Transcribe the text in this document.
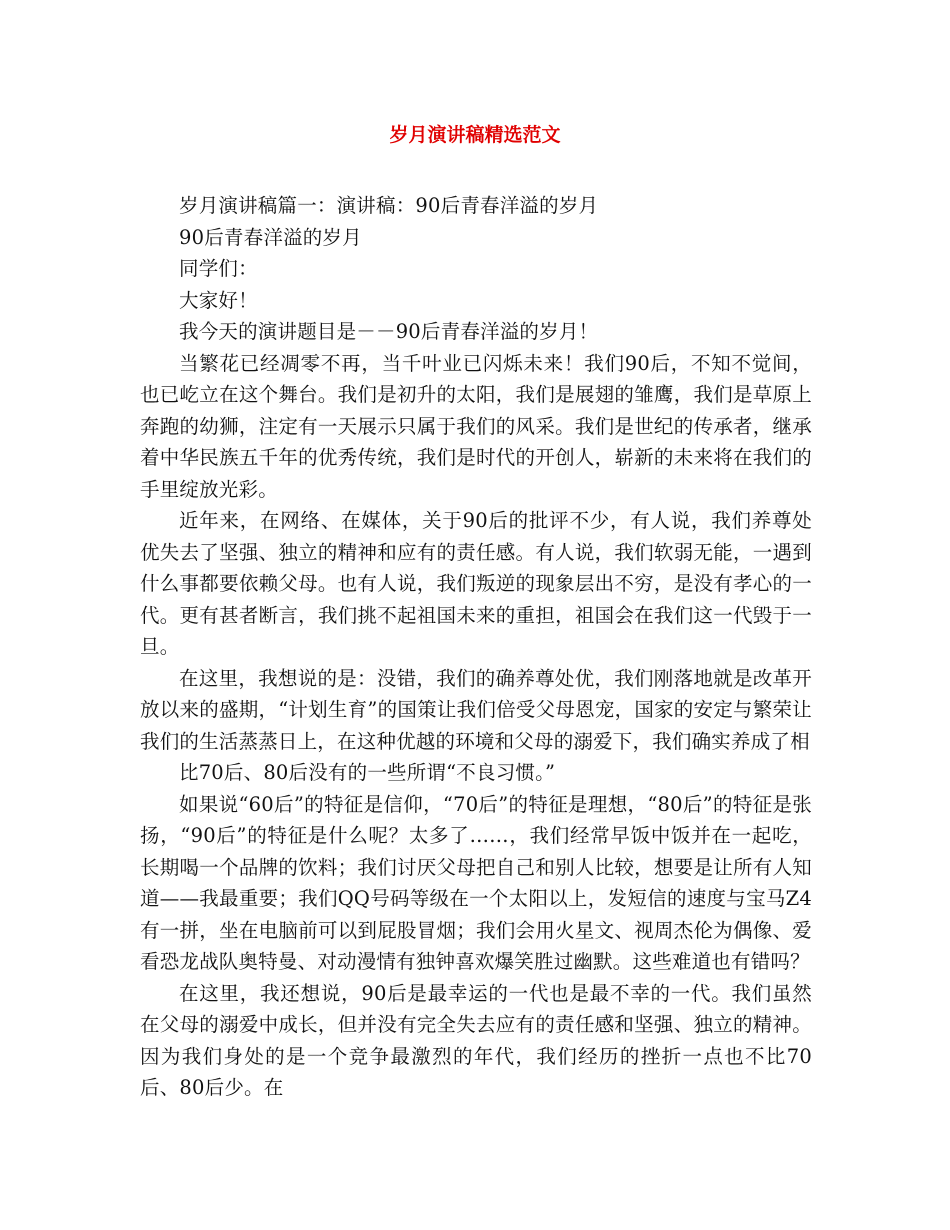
岁月演讲稿精选范文

岁月演讲稿篇一：演讲稿：90后青春洋溢的岁月

90后青春洋溢的岁月

同学们：

大家好！

我今天的演讲题目是－－90后青春洋溢的岁月！

当繁花已经凋零不再，当千叶业已闪烁未来！我们90后，不知不觉间，也已屹立在这个舞台。我们是初升的太阳，我们是展翅的雏鹰，我们是草原上奔跑的幼狮，注定有一天展示只属于我们的风采。我们是世纪的传承者，继承着中华民族五千年的优秀传统，我们是时代的开创人，崭新的未来将在我们的手里绽放光彩。

近年来，在网络、在媒体，关于90后的批评不少，有人说，我们养尊处优失去了坚强、独立的精神和应有的责任感。有人说，我们软弱无能，一遇到什么事都要依赖父母。也有人说，我们叛逆的现象层出不穷，是没有孝心的一代。更有甚者断言，我们挑不起祖国未来的重担，祖国会在我们这一代毁于一旦。

在这里，我想说的是：没错，我们的确养尊处优，我们刚落地就是改革开放以来的盛期，“计划生育”的国策让我们倍受父母恩宠，国家的安定与繁荣让我们的生活蒸蒸日上，在这种优越的环境和父母的溺爱下，我们确实养成了相

比70后、80后没有的一些所谓“不良习惯。”

如果说“60后”的特征是信仰，“70后”的特征是理想，“80后”的特征是张扬，“90后”的特征是什么呢？太多了……，我们经常早饭中饭并在一起吃，长期喝一个品牌的饮料；我们讨厌父母把自己和别人比较，想要是让所有人知道——我最重要；我们QQ号码等级在一个太阳以上，发短信的速度与宝马Z4有一拼，坐在电脑前可以到屁股冒烟；我们会用火星文、视周杰伦为偶像、爱看恐龙战队奥特曼、对动漫情有独钟喜欢爆笑胜过幽默。这些难道也有错吗？

在这里，我还想说，90后是最幸运的一代也是最不幸的一代。我们虽然在父母的溺爱中成长，但并没有完全失去应有的责任感和坚强、独立的精神。因为我们身处的是一个竞争最激烈的年代，我们经历的挫折一点也不比70后、80后少。在
